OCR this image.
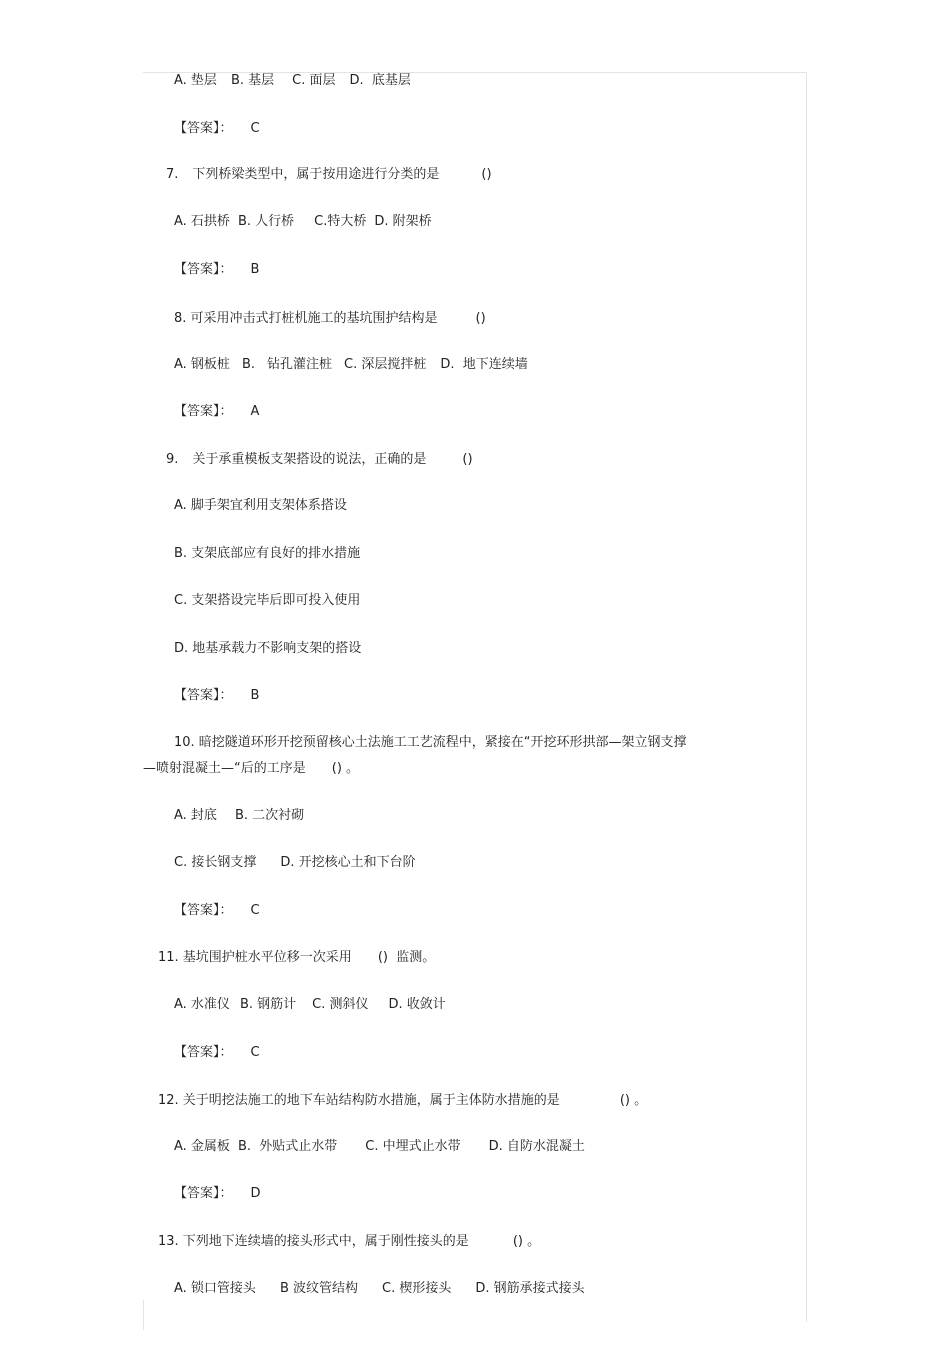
A. 垫层 B. 基层 C. 面层 D.  底基层
【答案】： C
7. 下列桥梁类型中，属于按用途进行分类的是	()
A. 石拱桥 B. 人行桥 C.特大桥 D. 附架桥
【答案】： B
8. 可采用冲击式打桩机施工的基坑围护结构是	()
A. 钢板桩 B. 钻孔灌注桩 C. 深层搅拌桩 D.  地下连续墙
【答案】： A
9. 关于承重模板支架搭设的说法，正确的是	()
A. 脚手架宜利用支架体系搭设
B. 支架底部应有良好的排水措施
C. 支架搭设完毕后即可投入使用
D. 地基承载力不影响支架的搭设
【答案】： B
10. 暗挖隧道环形开挖预留核心土法施工工艺流程中，紧接在“开挖环形拱部—架立钢支撑
—喷射混凝土—“后的工序是 () 。
A. 封底 B. 二次衬砌
C. 接长钢支撑 D. 开挖核心土和下台阶
【答案】： C
11. 基坑围护桩水平位移一次采用 ()  监测。
A. 水准仪 B. 钢筋计 C. 测斜仪 D. 收敛计
【答案】： C
12. 关于明挖法施工的地下车站结构防水措施，属于主体防水措施的是	() 。
A. 金属板 B.  外贴式止水带 C. 中埋式止水带 D. 自防水混凝土
【答案】： D
13. 下列地下连续墙的接头形式中，属于刚性接头的是	() 。
A. 锁口管接头 B 波纹管结构 C. 楔形接头 D. 钢筋承接式接头
